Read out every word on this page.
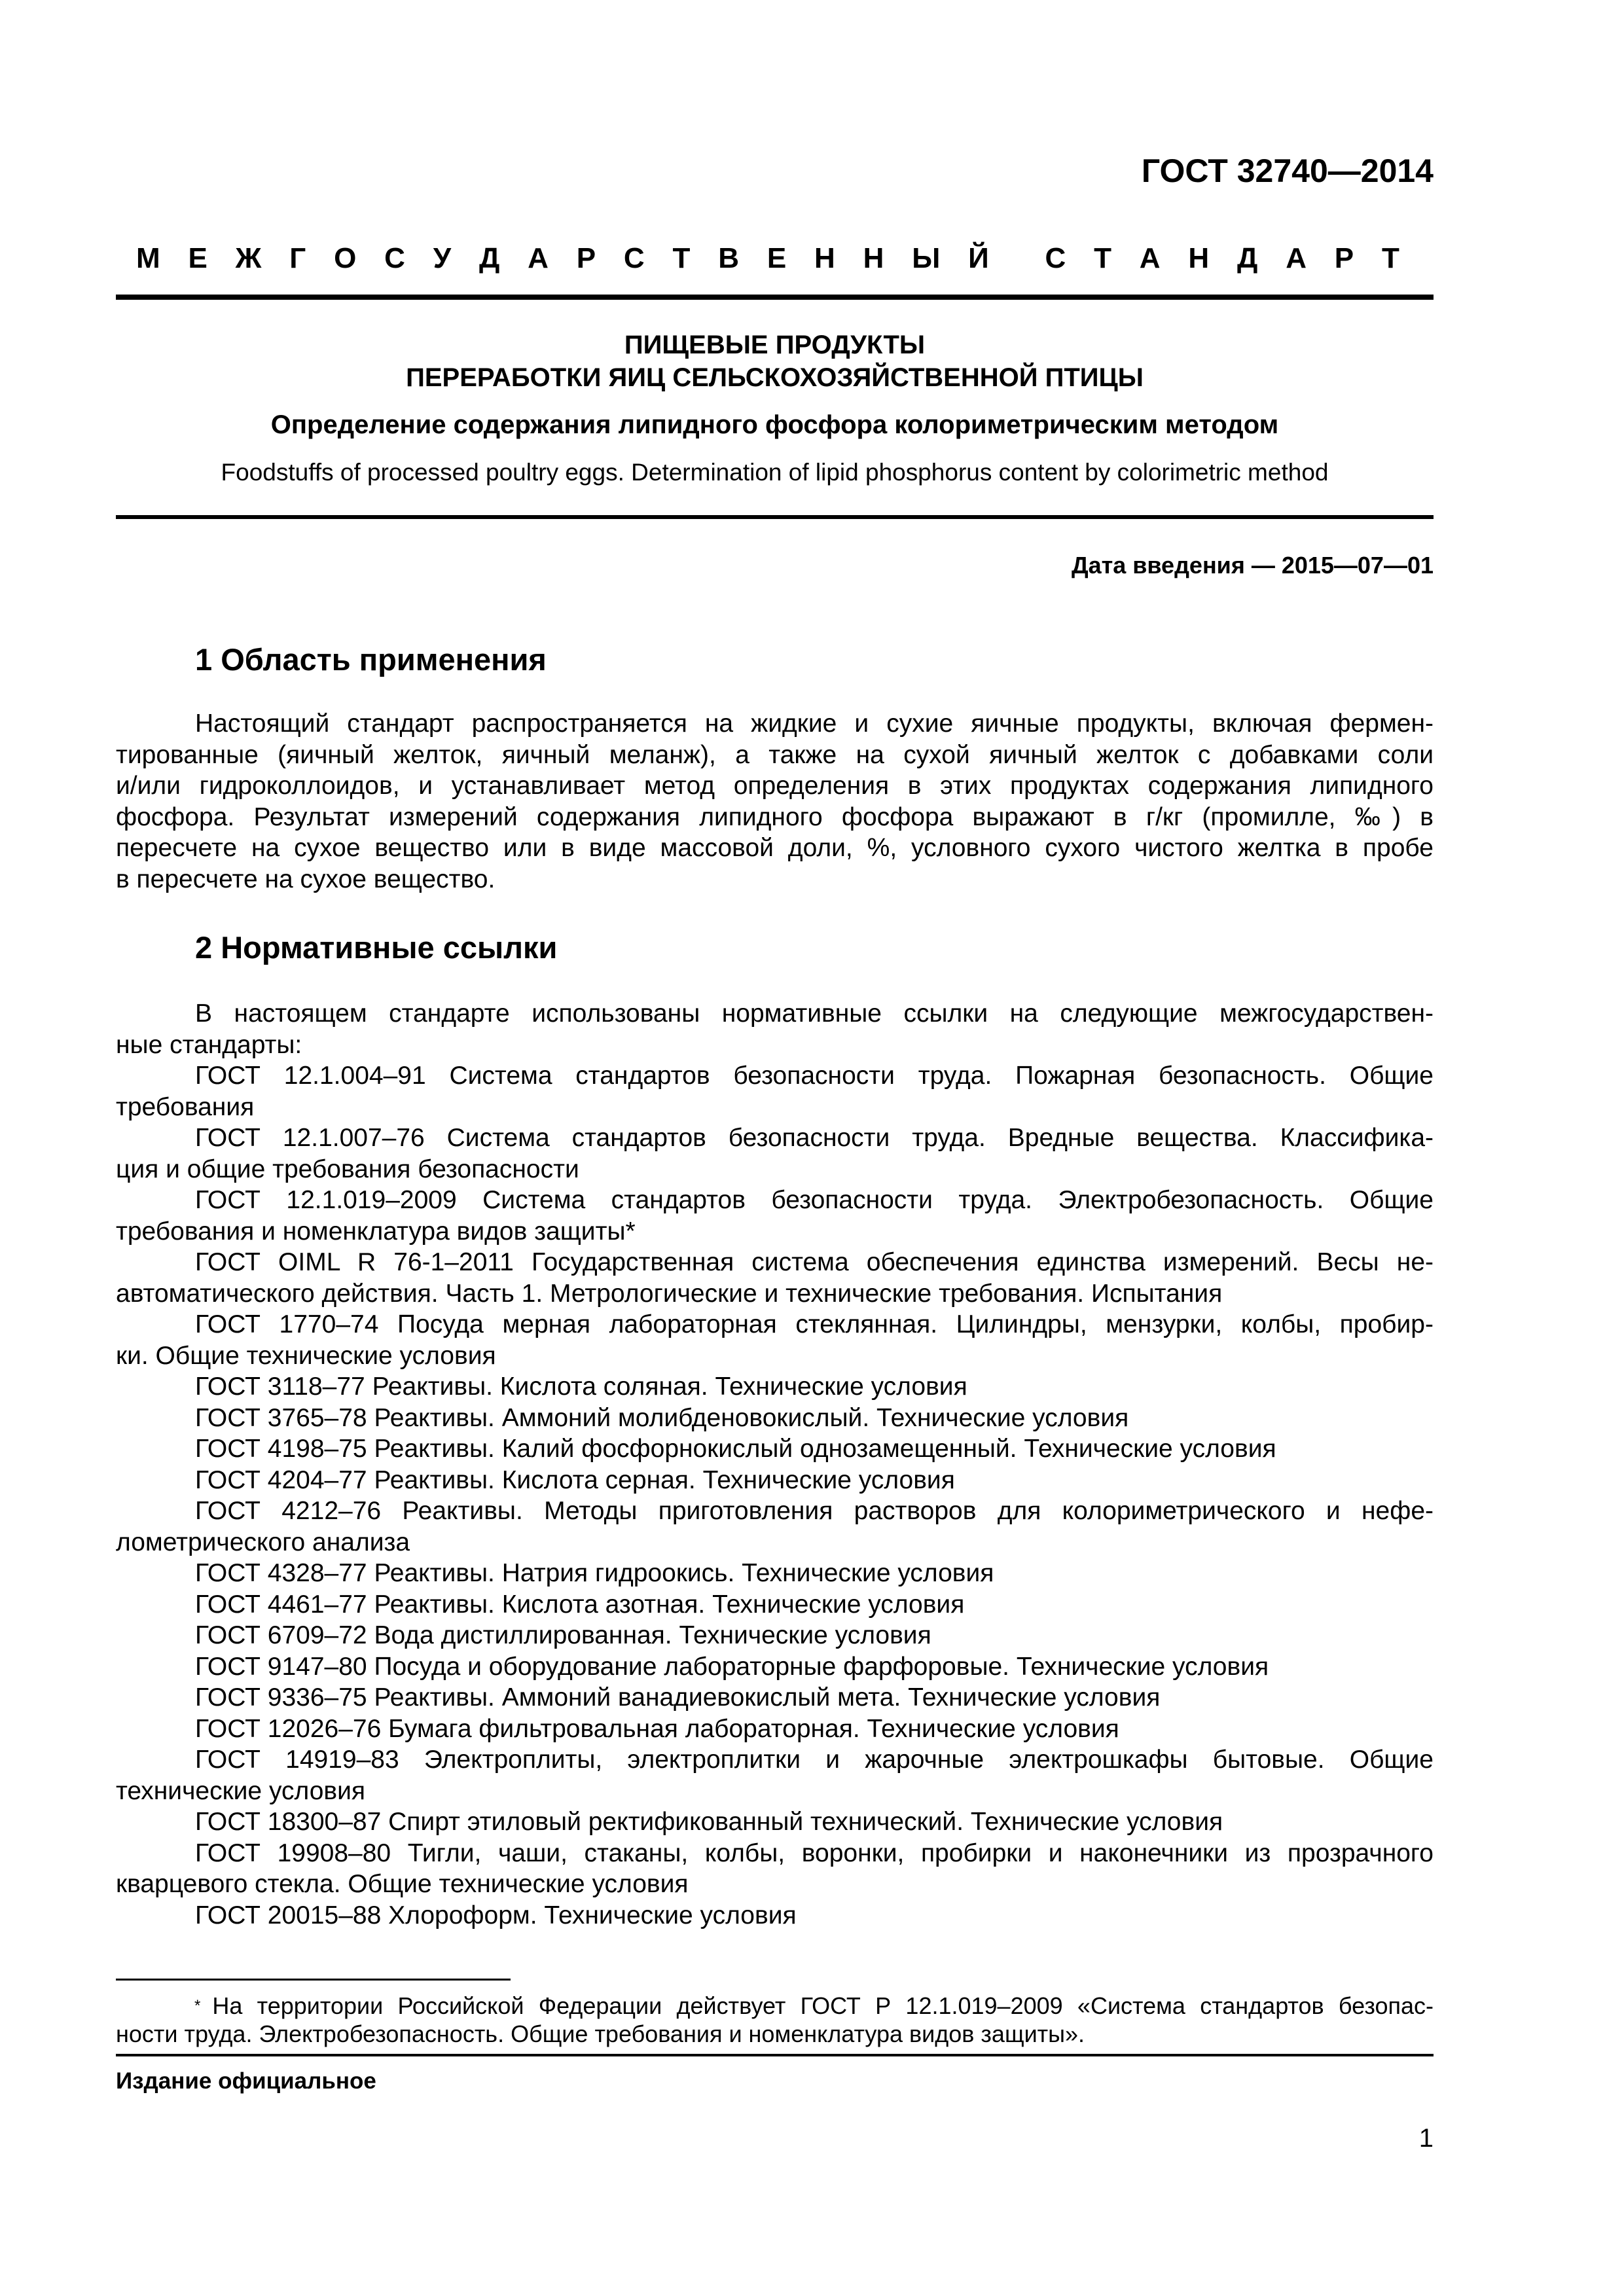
ГОСТ 32740—2014
М Е Ж Г О С У Д А Р С Т В Е Н Н Ы Й С Т А Н Д А Р Т
ПИЩЕВЫЕ ПРОДУКТЫ
ПЕРЕРАБОТКИ ЯИЦ СЕЛЬСКОХОЗЯЙСТВЕННОЙ ПТИЦЫ
Определение содержания липидного фосфора колориметрическим методом
Foodstuffs of processed poultry eggs. Determination of lipid phosphorus content by colorimetric method
Дата введения — 2015—07—01
1 Область применения
Настоящий стандарт распространяется на жидкие и сухие яичные продукты, включая фермен-
тированные (яичный желток, яичный меланж), а также на сухой яичный желток с добавками соли
и/или гидроколлоидов, и устанавливает метод определения в этих продуктах содержания липидного
фосфора. Результат измерений содержания липидного фосфора выражают в г/кг (промилле, ‰) в
пересчете на сухое вещество или в виде массовой доли, %, условного сухого чистого желтка в пробе
в пересчете на сухое вещество.
2 Нормативные ссылки
В настоящем стандарте использованы нормативные ссылки на следующие межгосударствен-
ные стандарты:
ГОСТ 12.1.004–91 Система стандартов безопасности труда. Пожарная безопасность. Общие
требования
ГОСТ 12.1.007–76 Система стандартов безопасности труда. Вредные вещества. Классифика-
ция и общие требования безопасности
ГОСТ 12.1.019–2009 Система стандартов безопасности труда. Электробезопасность. Общие
требования и номенклатура видов защиты*
ГОСТ OIML R 76-1–2011 Государственная система обеспечения единства измерений. Весы не-
автоматического действия. Часть 1. Метрологические и технические требования. Испытания
ГОСТ 1770–74 Посуда мерная лабораторная стеклянная. Цилиндры, мензурки, колбы, пробир-
ки. Общие технические условия
ГОСТ 3118–77 Реактивы. Кислота соляная. Технические условия
ГОСТ 3765–78 Реактивы. Аммоний молибденовокислый. Технические условия
ГОСТ 4198–75 Реактивы. Калий фосфорнокислый однозамещенный. Технические условия
ГОСТ 4204–77 Реактивы. Кислота серная. Технические условия
ГОСТ 4212–76 Реактивы. Методы приготовления растворов для колориметрического и нефе-
лометрического анализа
ГОСТ 4328–77 Реактивы. Натрия гидроокись. Технические условия
ГОСТ 4461–77 Реактивы. Кислота азотная. Технические условия
ГОСТ 6709–72 Вода дистиллированная. Технические условия
ГОСТ 9147–80 Посуда и оборудование лабораторные фарфоровые. Технические условия
ГОСТ 9336–75 Реактивы. Аммоний ванадиевокислый мета. Технические условия
ГОСТ 12026–76 Бумага фильтровальная лабораторная. Технические условия
ГОСТ 14919–83 Электроплиты, электроплитки и жарочные электрошкафы бытовые. Общие
технические условия
ГОСТ 18300–87 Спирт этиловый ректификованный технический. Технические условия
ГОСТ 19908–80 Тигли, чаши, стаканы, колбы, воронки, пробирки и наконечники из прозрачного
кварцевого стекла. Общие технические условия
ГОСТ 20015–88 Хлороформ. Технические условия
* На территории Российской Федерации действует ГОСТ Р 12.1.019–2009 «Система стандартов безопас-
ности труда. Электробезопасность. Общие требования и номенклатура видов защиты».
Издание официальное
1
